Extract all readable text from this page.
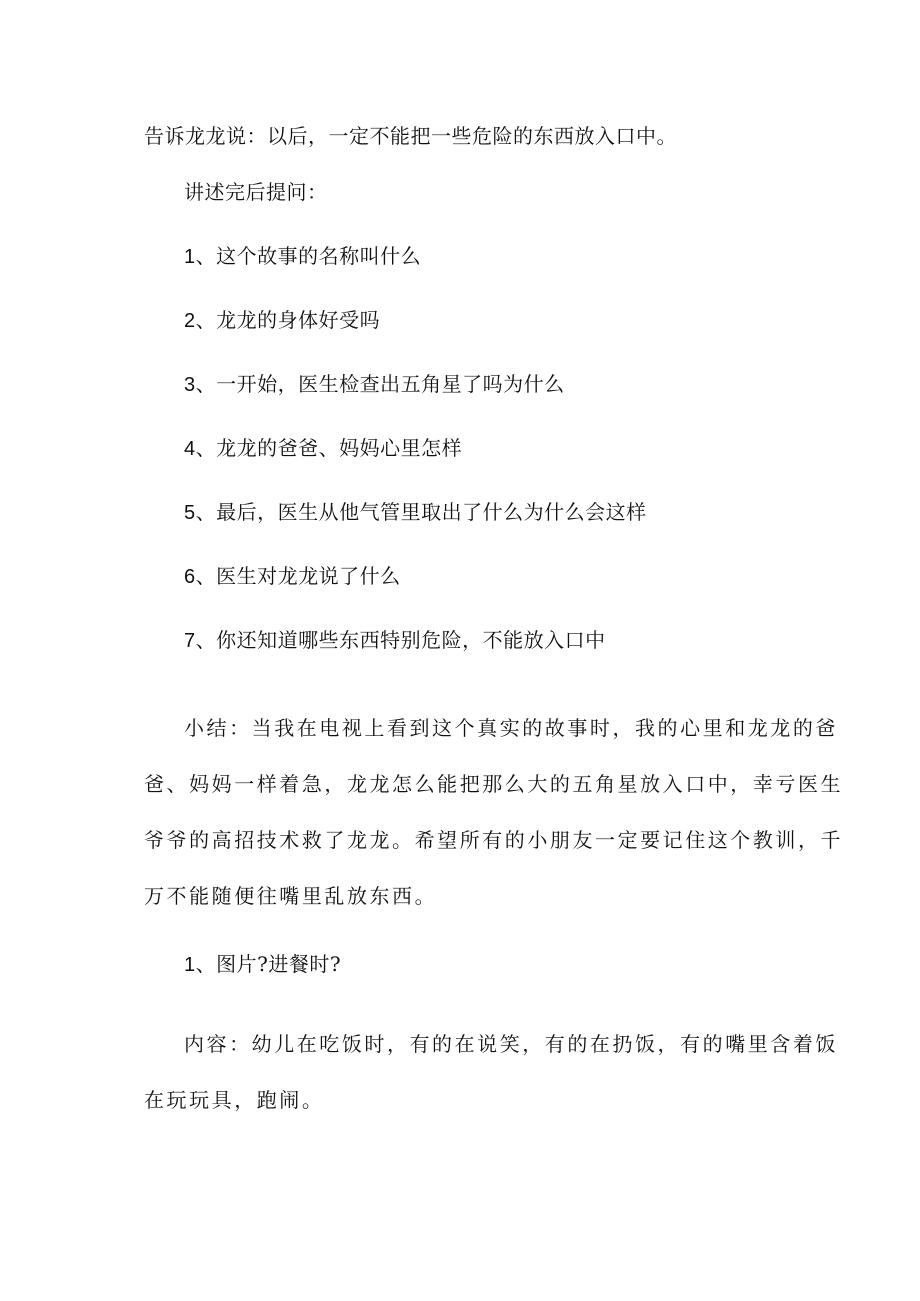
告诉龙龙说：以后，一定不能把一些危险的东西放入口中。
讲述完后提问：
1、这个故事的名称叫什么
2、龙龙的身体好受吗
3、一开始，医生检查出五角星了吗为什么
4、龙龙的爸爸、妈妈心里怎样
5、最后，医生从他气管里取出了什么为什么会这样
6、医生对龙龙说了什么
7、你还知道哪些东西特别危险，不能放入口中
小结：当我在电视上看到这个真实的故事时，我的心里和龙龙的爸
爸、妈妈一样着急，龙龙怎么能把那么大的五角星放入口中，幸亏医生
爷爷的高招技术救了龙龙。希望所有的小朋友一定要记住这个教训，千
万不能随便往嘴里乱放东西。
1、图片?进餐时?
内容：幼儿在吃饭时，有的在说笑，有的在扔饭，有的嘴里含着饭
在玩玩具，跑闹。
